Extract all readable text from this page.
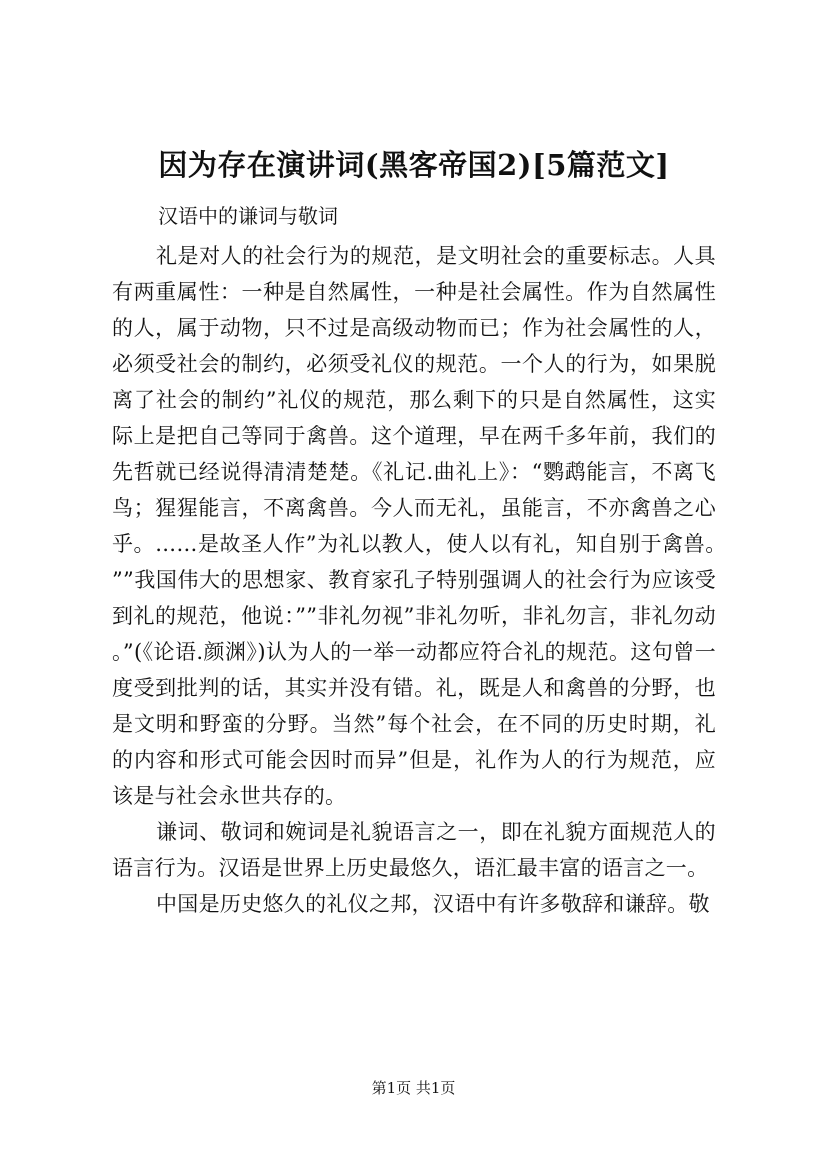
因为存在演讲词(黑客帝国2)[5篇范文]
汉语中的谦词与敬词

礼是对人的社会行为的规范，是文明社会的重要标志。人具有两重属性：一种是自然属性，一种是社会属性。作为自然属性的人，属于动物，只不过是高级动物而已；作为社会属性的人，必须受社会的制约，必须受礼仪的规范。一个人的行为，如果脱离了社会的制约”礼仪的规范，那么剩下的只是自然属性，这实际上是把自己等同于禽兽。这个道理，早在两千多年前，我们的先哲就已经说得清清楚楚。《礼记.曲礼上》：“鹦鹉能言，不离飞鸟；猩猩能言，不离禽兽。今人而无礼，虽能言，不亦禽兽之心乎。……是故圣人作”为礼以教人，使人以有礼，知自别于禽兽。””我国伟大的思想家、教育家孔子特别强调人的社会行为应该受到礼的规范，他说：””非礼勿视”非礼勿听，非礼勿言，非礼勿动。”(《论语.颜渊》)认为人的一举一动都应符合礼的规范。这句曾一度受到批判的话，其实并没有错。礼，既是人和禽兽的分野，也是文明和野蛮的分野。当然”每个社会，在不同的历史时期，礼的内容和形式可能会因时而异”但是，礼作为人的行为规范，应该是与社会永世共存的。

谦词、敬词和婉词是礼貌语言之一，即在礼貌方面规范人的语言行为。汉语是世界上历史最悠久，语汇最丰富的语言之一。

中国是历史悠久的礼仪之邦，汉语中有许多敬辞和谦辞。敬

第1页 共1页
